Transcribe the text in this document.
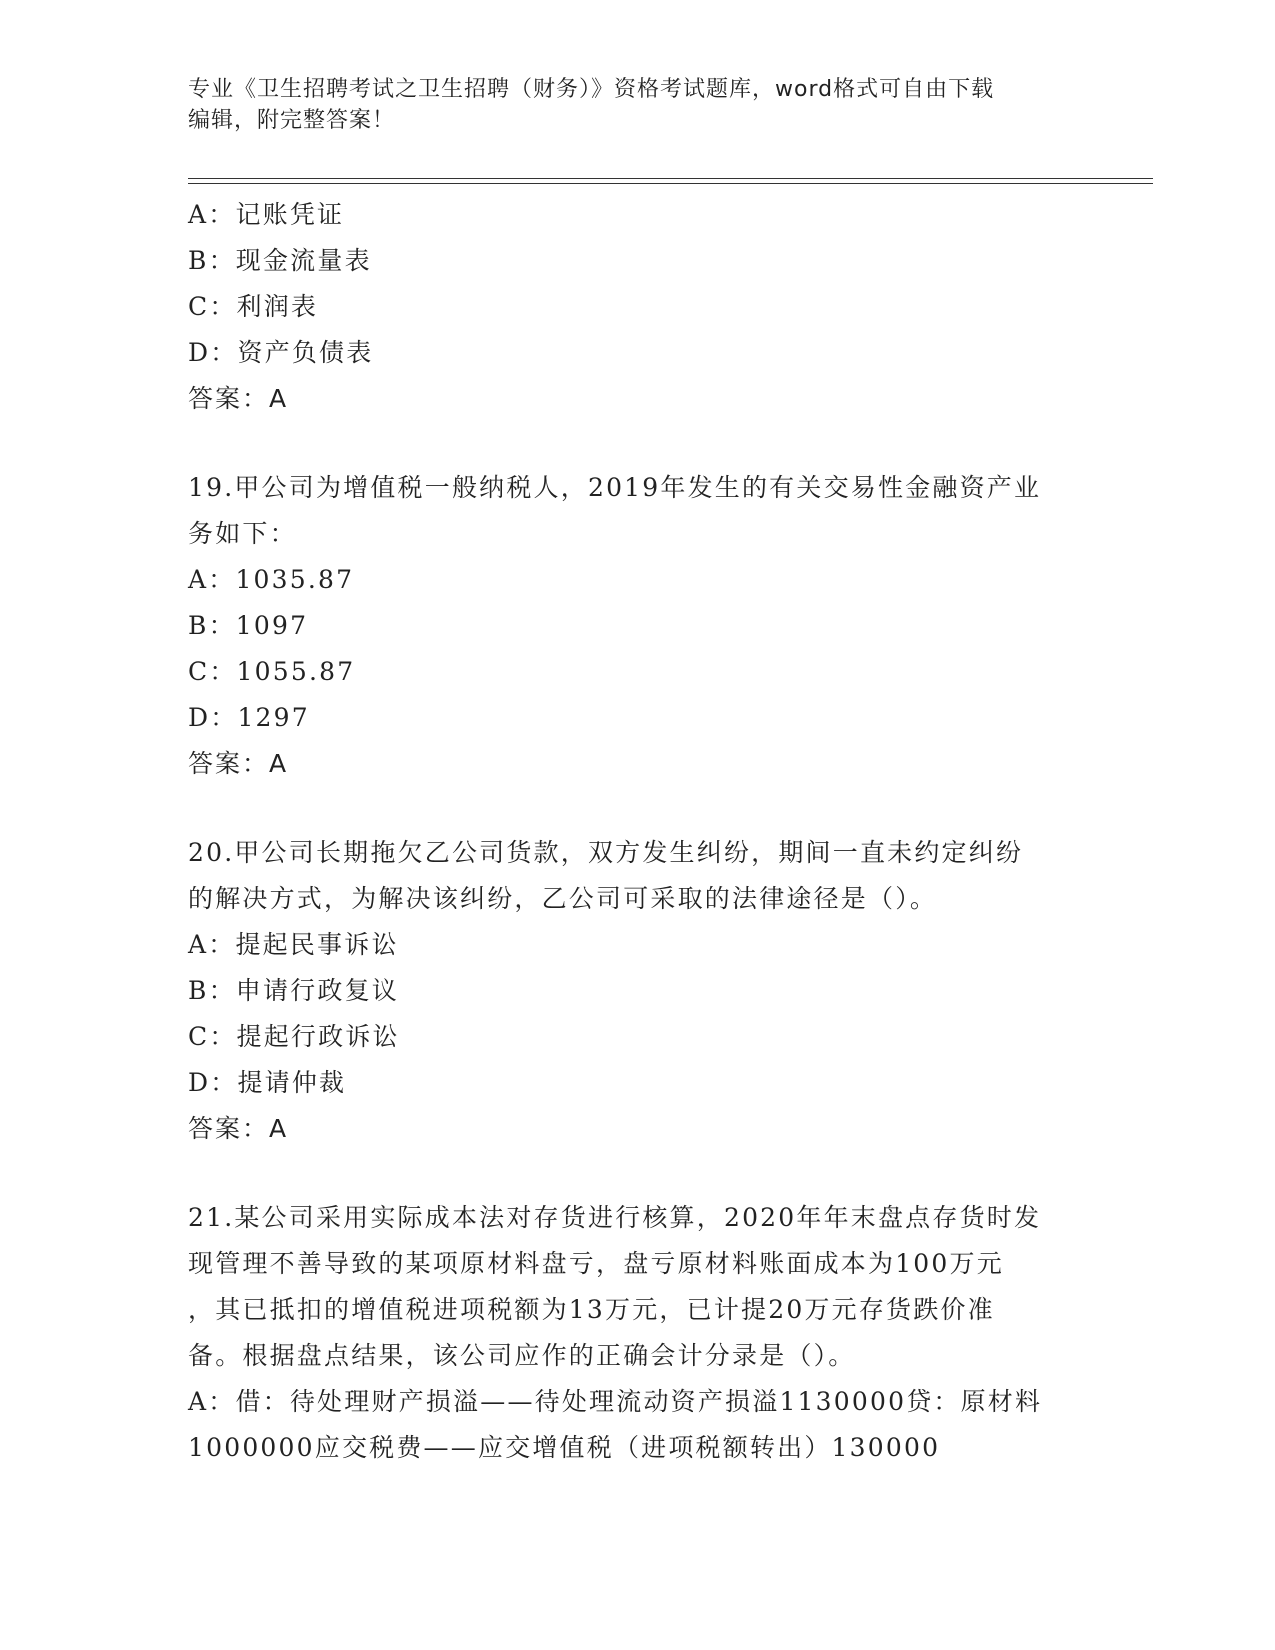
专业《卫生招聘考试之卫生招聘（财务）》资格考试题库，word格式可自由下载
编辑，附完整答案！
A：记账凭证
B：现金流量表
C：利润表
D：资产负债表
答案：A
19.甲公司为增值税一般纳税人，2019年发生的有关交易性金融资产业
务如下：
A：1035.87
B：1097
C：1055.87
D：1297
答案：A
20.甲公司长期拖欠乙公司货款，双方发生纠纷，期间一直未约定纠纷
的解决方式，为解决该纠纷，乙公司可采取的法律途径是（）。
A：提起民事诉讼
B：申请行政复议
C：提起行政诉讼
D：提请仲裁
答案：A
21.某公司采用实际成本法对存货进行核算，2020年年末盘点存货时发
现管理不善导致的某项原材料盘亏，盘亏原材料账面成本为100万元
，其已抵扣的增值税进项税额为13万元，已计提20万元存货跌价准
备。根据盘点结果，该公司应作的正确会计分录是（）。
A：借：待处理财产损溢——待处理流动资产损溢1130000贷：原材料
1000000应交税费——应交增值税（进项税额转出）130000
